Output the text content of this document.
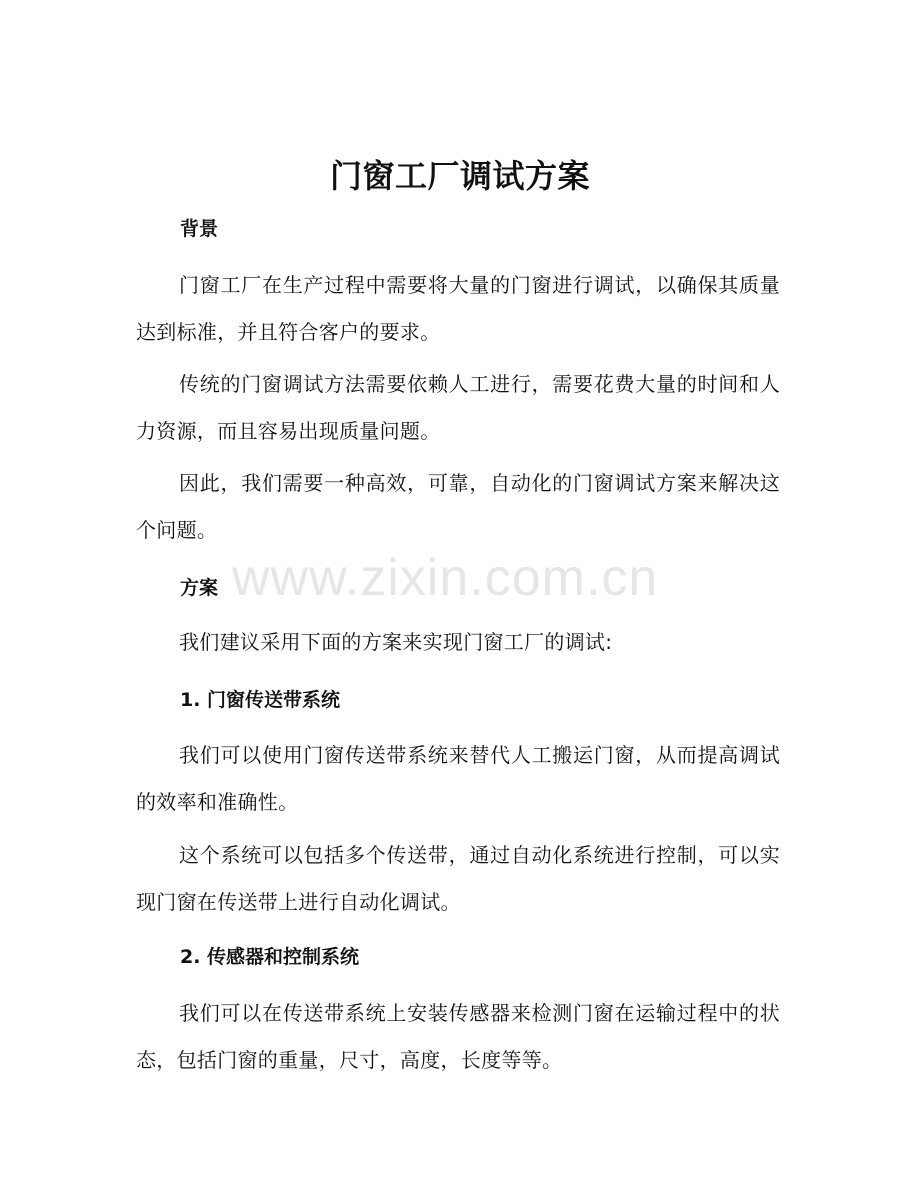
门窗工厂调试方案
背景
门窗工厂在生产过程中需要将大量的门窗进行调试，以确保其质量达到标准，并且符合客户的要求。
传统的门窗调试方法需要依赖人工进行，需要花费大量的时间和人力资源，而且容易出现质量问题。
因此，我们需要一种高效，可靠，自动化的门窗调试方案来解决这个问题。
方案
我们建议采用下面的方案来实现门窗工厂的调试:
1. 门窗传送带系统
我们可以使用门窗传送带系统来替代人工搬运门窗，从而提高调试的效率和准确性。
这个系统可以包括多个传送带，通过自动化系统进行控制，可以实现门窗在传送带上进行自动化调试。
2. 传感器和控制系统
我们可以在传送带系统上安装传感器来检测门窗在运输过程中的状态，包括门窗的重量，尺寸，高度，长度等等。
www.zixin.com.cn
